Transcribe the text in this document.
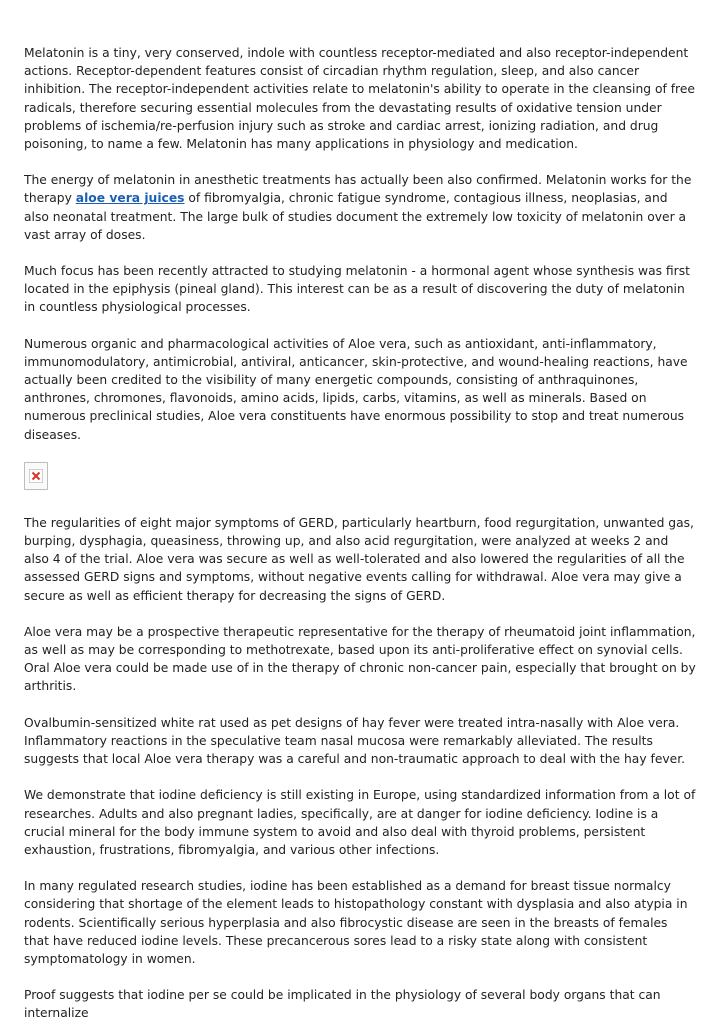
Melatonin is a tiny, very conserved, indole with countless receptor-mediated and also receptor-independent actions. Receptor-dependent features consist of circadian rhythm regulation, sleep, and also cancer inhibition. The receptor-independent activities relate to melatonin's ability to operate in the cleansing of free radicals, therefore securing essential molecules from the devastating results of oxidative tension under problems of ischemia/re-perfusion injury such as stroke and cardiac arrest, ionizing radiation, and drug poisoning, to name a few. Melatonin has many applications in physiology and medication.

The energy of melatonin in anesthetic treatments has actually been also confirmed. Melatonin works for the therapy aloe vera juices of fibromyalgia, chronic fatigue syndrome, contagious illness, neoplasias, and also neonatal treatment. The large bulk of studies document the extremely low toxicity of melatonin over a vast array of doses.

Much focus has been recently attracted to studying melatonin - a hormonal agent whose synthesis was first located in the epiphysis (pineal gland). This interest can be as a result of discovering the duty of melatonin in countless physiological processes.

Numerous organic and pharmacological activities of Aloe vera, such as antioxidant, anti-inflammatory, immunomodulatory, antimicrobial, antiviral, anticancer, skin-protective, and wound-healing reactions, have actually been credited to the visibility of many energetic compounds, consisting of anthraquinones, anthrones, chromones, flavonoids, amino acids, lipids, carbs, vitamins, as well as minerals. Based on numerous preclinical studies, Aloe vera constituents have enormous possibility to stop and treat numerous diseases.

The regularities of eight major symptoms of GERD, particularly heartburn, food regurgitation, unwanted gas, burping, dysphagia, queasiness, throwing up, and also acid regurgitation, were analyzed at weeks 2 and also 4 of the trial. Aloe vera was secure as well as well-tolerated and also lowered the regularities of all the assessed GERD signs and symptoms, without negative events calling for withdrawal. Aloe vera may give a secure as well as efficient therapy for decreasing the signs of GERD.

Aloe vera may be a prospective therapeutic representative for the therapy of rheumatoid joint inflammation, as well as may be corresponding to methotrexate, based upon its anti-proliferative effect on synovial cells. Oral Aloe vera could be made use of in the therapy of chronic non-cancer pain, especially that brought on by arthritis.

Ovalbumin-sensitized white rat used as pet designs of hay fever were treated intra-nasally with Aloe vera. Inflammatory reactions in the speculative team nasal mucosa were remarkably alleviated. The results suggests that local Aloe vera therapy was a careful and non-traumatic approach to deal with the hay fever.

We demonstrate that iodine deficiency is still existing in Europe, using standardized information from a lot of researches. Adults and also pregnant ladies, specifically, are at danger for iodine deficiency. Iodine is a crucial mineral for the body immune system to avoid and also deal with thyroid problems, persistent exhaustion, frustrations, fibromyalgia, and various other infections.

In many regulated research studies, iodine has been established as a demand for breast tissue normalcy considering that shortage of the element leads to histopathology constant with dysplasia and also atypia in rodents. Scientifically serious hyperplasia and also fibrocystic disease are seen in the breasts of females that have reduced iodine levels. These precancerous sores lead to a risky state along with consistent symptomatology in women.

Proof suggests that iodine per se could be implicated in the physiology of several body organs that can internalize
